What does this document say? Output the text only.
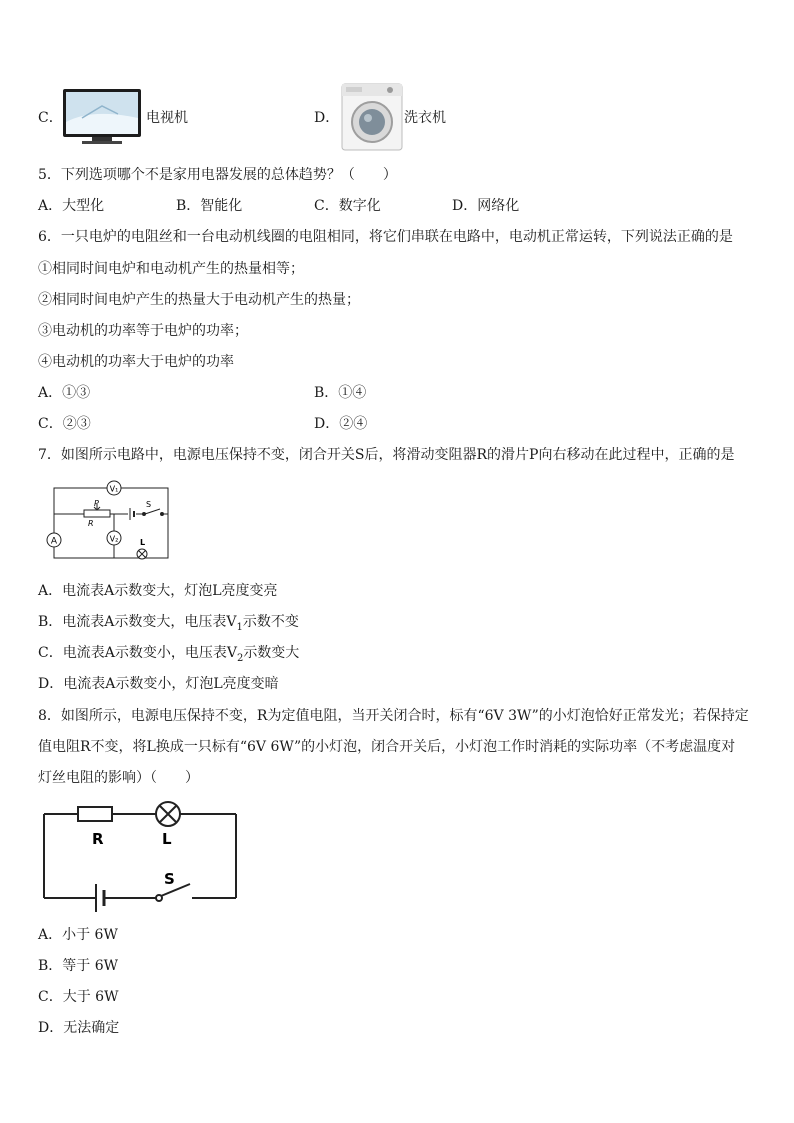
C．	电视机	D．	洗衣机
5．下列选项哪个不是家用电器发展的总体趋势？（　　）
A．大型化	B．智能化	C．数字化	D．网络化
6．一只电炉的电阻丝和一台电动机线圈的电阻相同，将它们串联在电路中，电动机正常运转，下列说法正确的是
①相同时间电炉和电动机产生的热量相等；
②相同时间电炉产生的热量大于电动机产生的热量；
③电动机的功率等于电炉的功率；
④电动机的功率大于电炉的功率
A．①③	B．①④
C．②③	D．②④
7．如图所示电路中，电源电压保持不变，闭合开关S后，将滑动变阻器R的滑片P向右移动在此过程中，正确的是
V₁
P
R
S
A	V₂	L
A．电流表A示数变大，灯泡L亮度变亮
B．电流表A示数变大，电压表$V_1$示数不变
C．电流表A示数变小，电压表$V_2$示数变大
D．电流表A示数变小，灯泡L亮度变暗
8．如图所示，电源电压保持不变，R为定值电阻，当开关闭合时，标有“6V 3W”的小灯泡恰好正常发光；若保持定
值电阻R不变，将L换成一只标有“6V 6W”的小灯泡，闭合开关后，小灯泡工作时消耗的实际功率（不考虑温度对
灯丝电阻的影响）（　　）
R	L
S
A．小于 6W
B．等于 6W
C．大于 6W
D．无法确定
